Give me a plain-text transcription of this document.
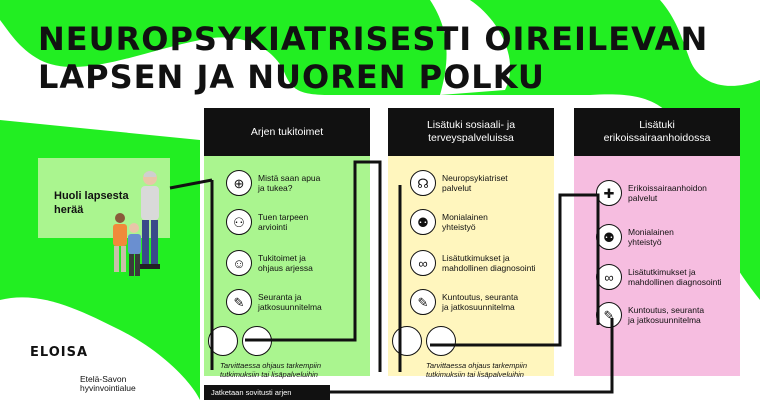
NEUROPSYKIATRISESTI OIREILEVAN
LAPSEN JA NUOREN POLKU
Huoli lapsesta
herää
Arjen tukitoimet
⊕	Mistä saan apua
ja tukea?
⚇	Tuen tarpeen
arviointi
☺	Tukitoimet ja
ohjaus arjessa
✎	Seuranta ja
jatkosuunnitelma
Tarvittaessa ohjaus tarkempiin
tutkimuksiin tai lisäpalveluihin
Lisätuki sosiaali- ja
terveyspalveluissa
☊	Neuropsykiatriset
palvelut
⚉	Monialainen
yhteistyö
∞	Lisätutkimukset ja
mahdollinen diagnosointi
✎	Kuntoutus, seuranta
ja jatkosuunnitelma
Tarvittaessa ohjaus tarkempiin
tutkimuksiin tai lisäpalveluihin
Lisätuki
erikoissairaanhoidossa
✚	Erikoissairaanhoidon
palvelut
⚉	Monialainen
yhteistyö
∞	Lisätutkimukset ja
mahdollinen diagnosointi
✎	Kuntoutus, seuranta
ja jatkosuunnitelma
Jatketaan sovitusti arjen
ELOISA
Etelä-Savon
hyvinvointialue
